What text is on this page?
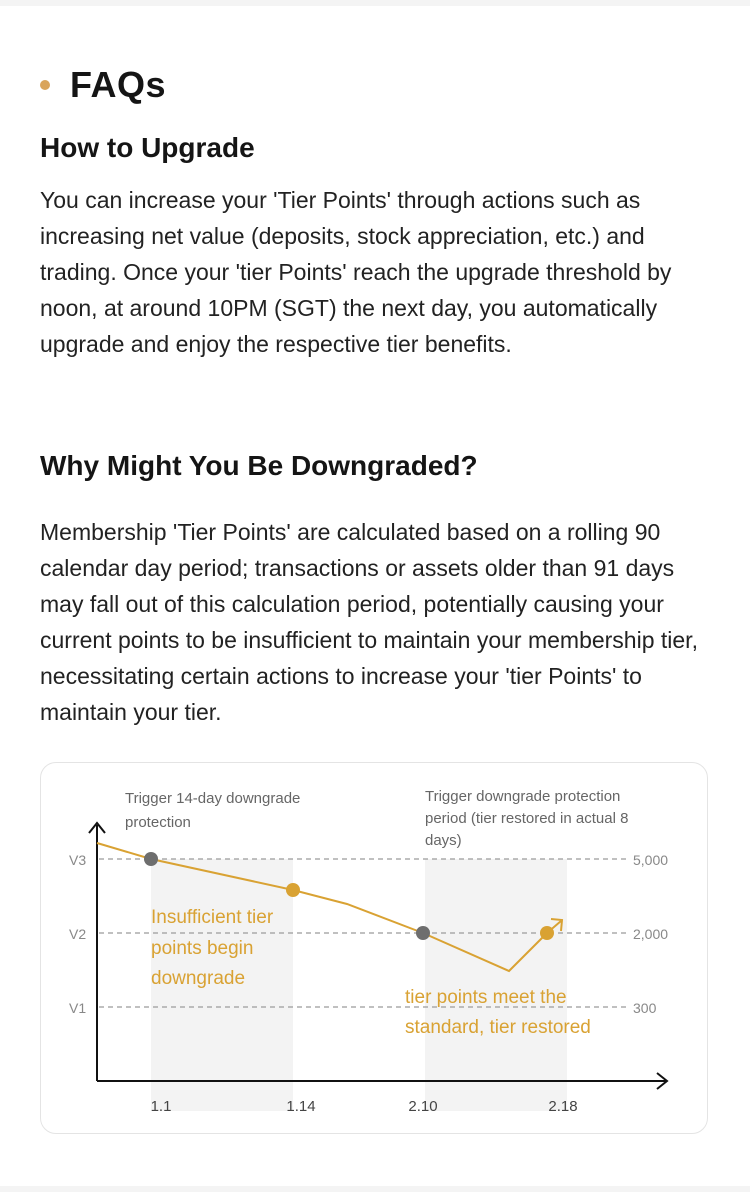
FAQs
How to Upgrade
You can increase your 'Tier Points' through actions such as increasing net value (deposits, stock appreciation, etc.) and trading. Once your 'tier Points' reach the upgrade threshold by noon, at around 10PM (SGT) the next day, you automatically upgrade and enjoy the respective tier benefits.
Why Might You Be Downgraded?
Membership 'Tier Points' are calculated based on a rolling 90 calendar day period; transactions or assets older than 91 days may fall out of this calculation period, potentially causing your current points to be insufficient to maintain your membership tier, necessitating certain actions to increase your 'tier Points' to maintain your tier.
V3
V2
V1
5,000
2,000
300
1.1	1.14	2.10	2.18
Trigger 14-day downgrade
protection
Trigger downgrade protection
period (tier restored in actual 8
days)
Insufficient tier
points begin
downgrade
tier points meet the
standard, tier restored
